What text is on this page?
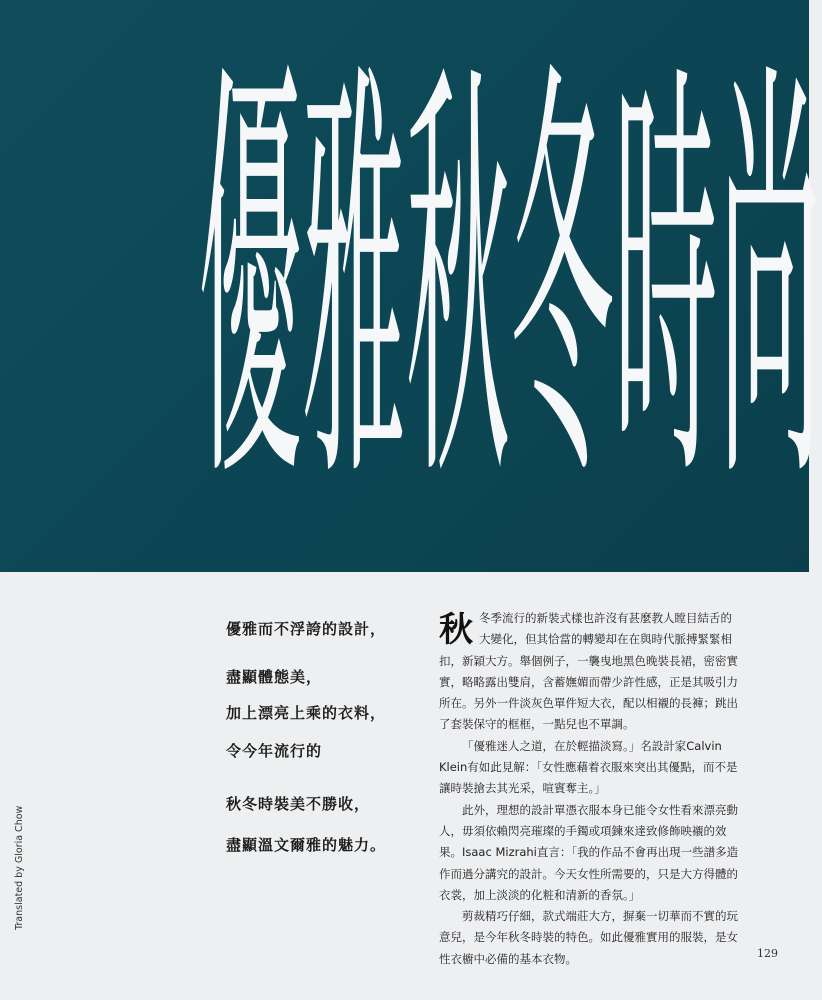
優 雅 秋 冬 時 尚
優雅而不浮誇的設計，
盡顯體態美，
加上漂亮上乘的衣料，
令今年流行的
秋冬時裝美不勝收，
盡顯溫文爾雅的魅力。
秋 冬季流行的新裝式樣也許沒有甚麼教人瞠目結舌的大變化，但其恰當的轉變却在在與時代脈搏緊緊相扣，新穎大方。舉個例子，一襲曳地黑色晚裝長裙，密密實實，略略露出雙肩，含蓄嫵媚而帶少許性感，正是其吸引力所在。另外一件淡灰色單件短大衣，配以相襯的長褲；跳出了套裝保守的框框，一點兒也不單調。

「優雅迷人之道，在於輕描淡寫。」名設計家Calvin Klein有如此見解：「女性應藉着衣服來突出其優點，而不是讓時裝搶去其光采，喧賓奪主。」

此外，理想的設計單憑衣服本身已能令女性看來漂亮動人，毋須依賴閃亮璀璨的手鐲或項鍊來達致修飾映襯的效果。Isaac Mizrahi直言：「我的作品不會再出現一些譜多造作而過分講究的設計。今天女性所需要的，只是大方得體的衣裳，加上淡淡的化粧和清新的香氛。」

剪裁精巧仔細，款式端莊大方，摒棄一切華而不實的玩意兒，是今年秋冬時裝的特色。如此優雅實用的服裝，是女性衣櫥中必備的基本衣物。

Translated by Gloria Chow
129
